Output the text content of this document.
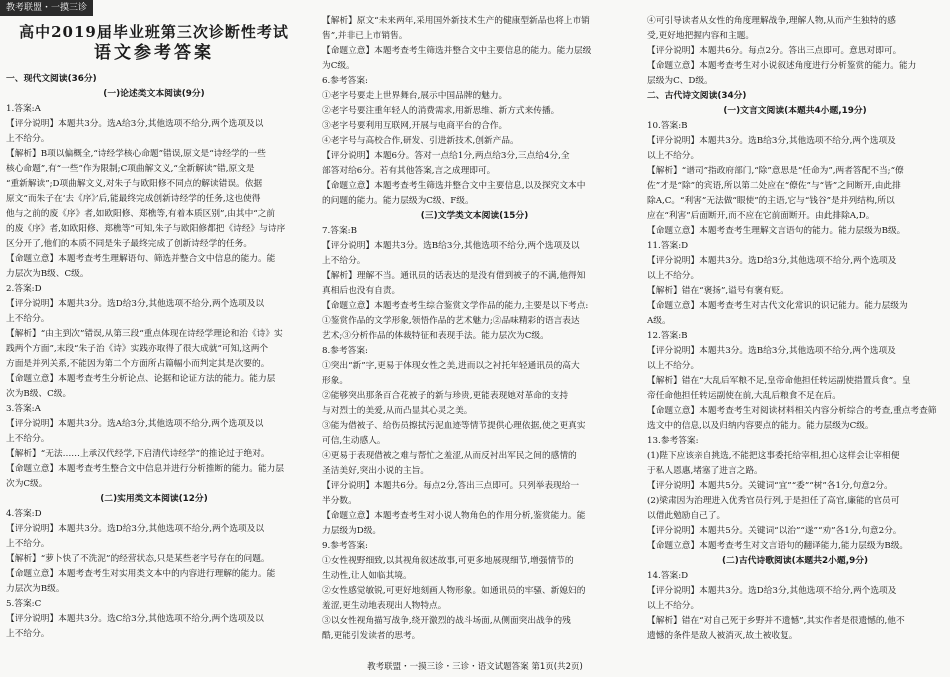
教考联盟・一摸三诊
高中2019届毕业班第三次诊断性考试
语文参考答案
一、现代文阅读(36分)
(一)论述类文本阅读(9分)
1.答案:A
【评分说明】本题共3分。选A给3分,其他选项不给分,两个选项及以
上不给分。
【解析】B项以偏概全,“诗经学核心命题”错误,原文是“诗经学的一些
核心命题”,有“一些”作为限制;C项曲解文义,“全新解读”错,原文是
“重新解读”;D项曲解文义,对朱子与欧阳修不同点的解读错误。依据
原文“而朱子在‘去《序》’后,能最终完成创新诗经学的任务,这也使得
他与之前的废《序》者,如欧阳修、郑樵等,有着本质区别”,由其中“之前
的废《序》者,如欧阳修、郑樵等”可知,朱子与欧阳修都把《诗经》与诗序
区分开了,他们的本质不同是朱子最终完成了创新诗经学的任务。
【命题立意】本题考查考生理解语句、筛选并整合文中信息的能力。能
力层次为B级、C级。
2.答案:D
【评分说明】本题共3分。选D给3分,其他选项不给分,两个选项及以
上不给分。
【解析】“由主到次”错误,从第三段“重点体现在诗经学理论和治《诗》实
践两个方面”,末段“朱子治《诗》实践亦取得了很大成就”可知,这两个
方面是并列关系,不能因为第二个方面所占篇幅小而判定其是次要的。
【命题立意】本题考查考生分析论点、论据和论证方法的能力。能力层
次为B级、C级。
3.答案:A
【评分说明】本题共3分。选A给3分,其他选项不给分,两个选项及以
上不给分。
【解析】“无法……上承汉代经学,下启清代诗经学”的推论过于绝对。
【命题立意】本题考查考生整合文中信息并进行分析推断的能力。能力层
次为C级。
(二)实用类文本阅读(12分)
4.答案:D
【评分说明】本题共3分。选D给3分,其他选项不给分,两个选项及以
上不给分。
【解析】“萝卜快了不洗泥”的经营状态,只是某些老字号存在的问题。
【命题立意】本题考查考生对实用类文本中的内容进行理解的能力。能
力层次为B级。
5.答案:C
【评分说明】本题共3分。选C给3分,其他选项不给分,两个选项及以
上不给分。
【解析】原文“未来两年,采用国外新技术生产的健康型新品也将上市销
售”,并非已上市销售。
【命题立意】本题考查考生筛选并整合文中主要信息的能力。能力层级
为C级。
6.参考答案:
①老字号要走上世界舞台,展示中国品牌的魅力。
②老字号要注重年轻人的消费需求,用新思维、新方式来传播。
③老字号要利用互联网,开展与电商平台的合作。
④老字号与高校合作,研发、引进新技术,创新产品。
【评分说明】本题6分。答对一点给1分,两点给3分,三点给4分,全
部答对给6分。若有其他答案,言之成理即可。
【命题立意】本题考查考生筛选并整合文中主要信息,以及探究文本中
的问题的能力。能力层级为C级、F级。
(三)文学类文本阅读(15分)
7.答案:B
【评分说明】本题共3分。选B给3分,其他选项不给分,两个选项及以
上不给分。
【解析】理解不当。通讯员的话表达的是没有借到被子的不满,他得知
真相后也没有自责。
【命题立意】本题考查考生综合鉴赏文学作品的能力,主要是以下考点:
①鉴赏作品的文学形象,领悟作品的艺术魅力;②品味精彩的语言表达
艺术;③分析作品的体裁特征和表现手法。能力层次为C级。
8.参考答案:
①突出“新”字,更易于体现女性之美,进而以之衬托年轻通讯员的高大
形象。
②能够突出那条百合花被子的新与珍贵,更能表现她对革命的支持
与对烈士的美爱,从而凸显其心灵之美。
③能为借被子、给伤员擦拭污泥血迹等情节提供心理依据,使之更真实
可信,生动感人。
④更易于表现借被之难与帮忙之羞涩,从而反衬出军民之间的感情的
圣洁美好,突出小说的主旨。
【评分说明】本题共6分。每点2分,答出三点即可。只列举表现给一
半分数。
【命题立意】本题考查考生对小说人物角色的作用分析,鉴赏能力。能
力层级为D级。
9.参考答案:
①女性视野细致,以其视角叙述故事,可更多地展现细节,增强情节的
生动性,让人如临其境。
②女性感觉敏锐,可更好地刻画人物形象。如通讯员的牢骚、新媳妇的
羞涩,更生动地表现出人物特点。
③以女性视角描写战争,绕开激烈的战斗场面,从侧面突出战争的残
酷,更能引发读者的思考。
④可引导读者从女性的角度理解战争,理解人物,从而产生独特的感
受,更好地把握内容和主题。
【评分说明】本题共6分。每点2分。答出三点即可。意思对即可。
【命题立意】本题考查考生对小说叙述角度进行分析鉴赏的能力。能力
层级为C、D级。
二、古代诗文阅读(34分)
(一)文言文阅读(本题共4小题,19分)
10.答案:B
【评分说明】本题共3分。选B给3分,其他选项不给分,两个选项及
以上不给分。
【解析】“谱司”指政府部门,“除”意思是“任命为”,两者答配不当;“僚
佐”才是“除”的宾语,所以第二处应在“僚佐”与“皆”之间断开,由此排
除A,C。“利害”无法做“眼使”的主语,它与“钱谷”是并列结构,所以
应在“利害”后面断开,而不应在它前面断开。由此排除A,D。
【命题立意】本题考查考生理解文言语句的能力。能力层级为B级。
11.答案:D
【评分说明】本题共3分。选D给3分,其他选项不给分,两个选项及
以上不给分。
【解析】错在“褒扬”,谥号有褒有贬。
【命题立意】本题考查考生对古代文化常识的识记能力。能力层级为
A级。
12.答案:B
【评分说明】本题共3分。选B给3分,其他选项不给分,两个选项及
以上不给分。
【解析】错在“大乱后军粮不足,皇帝命他担任转运副使措置兵食”。皇
帝任命他担任转运副使在前,大乱后粮食不足在后。
【命题立意】本题考查考生对阅读材料相关内容分析综合的考查,重点考查筛
选文中的信息,以及归纳内容要点的能力。能力层级为C级。
13.参考答案:
(1)陛下应该亲自挑选,不能把这事委托给宰相,担心这样会让宰相便
于私人恩惠,堵塞了进言之路。
【评分说明】本题共5分。关键词“宜”“委”“树”各1分,句意2分。
(2)梁肃因为治理进入优秀官员行列,于是担任了高官,廉能的官员可
以借此勉励自己了。
【评分说明】本题共5分。关键词“以治”“遂”“劝”各1分,句意2分。
【命题立意】本题考查考生对文言语句的翻译能力,能力层级为B级。
(二)古代诗歌阅读(本题共2小题,9分)
14.答案:D
【评分说明】本题共3分。选D给3分,其他选项不给分,两个选项及
以上不给分。
【解析】错在“对自己死于乡野并不遗憾”,其实作者是很遗憾的,他不
遗憾的条件是敌人被消灭,故土被收复。
教考联盟・一摸三诊・三诊・语文试题答案 第1页(共2页)
